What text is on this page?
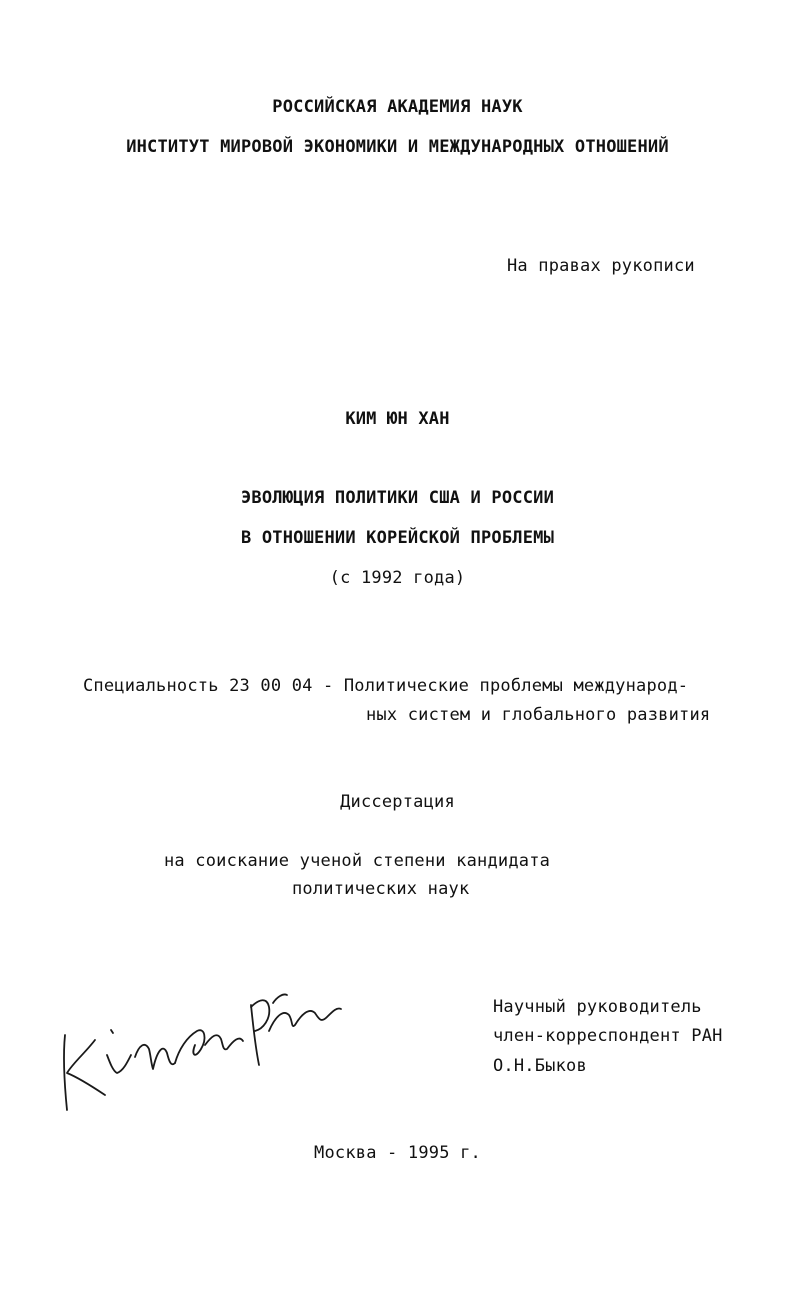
РОССИЙСКАЯ АКАДЕМИЯ НАУК
ИНСТИТУТ МИРОВОЙ ЭКОНОМИКИ И МЕЖДУНАРОДНЫХ ОТНОШЕНИЙ
На правах рукописи
КИМ ЮН ХАН
ЭВОЛЮЦИЯ ПОЛИТИКИ США И РОССИИ
В ОТНОШЕНИИ КОРЕЙСКОЙ ПРОБЛЕМЫ
(с 1992 года)
Специальность 23 00 04 - Политические проблемы международ-
ных систем и глобального развития
Диссертация
на соискание ученой степени кандидата
политических наук
Научный руководитель
член-корреспондент РАН
О.Н.Быков
Москва - 1995 г.
